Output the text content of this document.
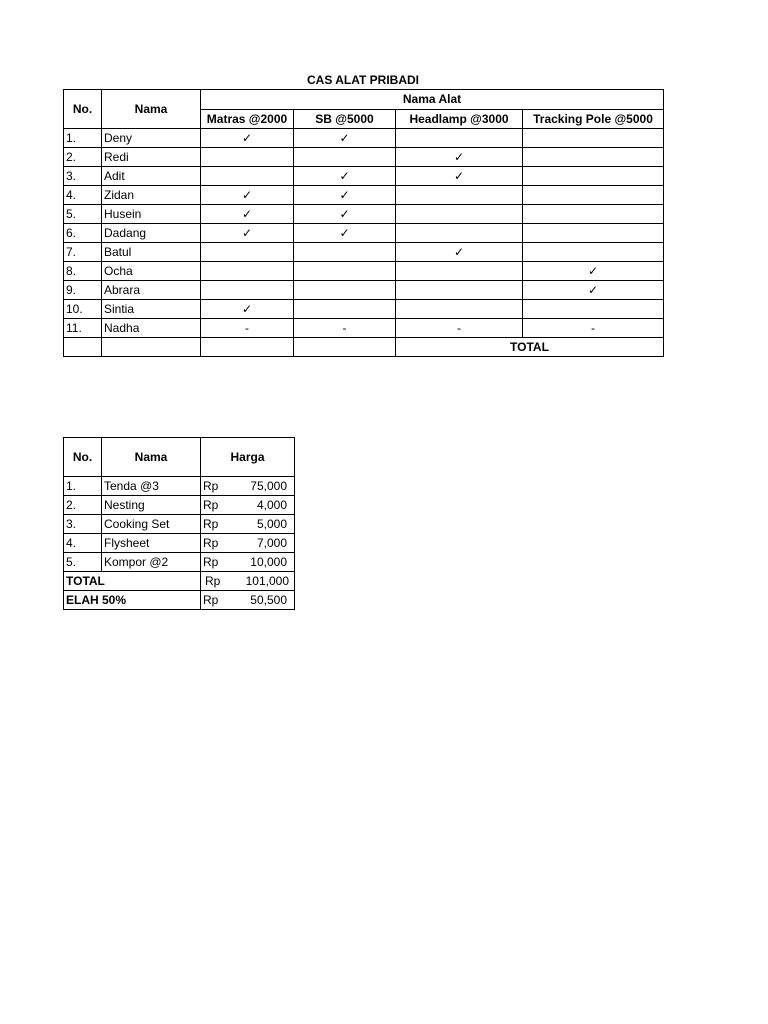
CAS ALAT PRIBADI
No.	Nama	Nama Alat			
		Matras @2000	SB @5000	Headlamp @3000	Tracking Pole @5000
1.	Deny	✓	✓		
2.	Redi			✓	
3.	Adit		✓	✓	
4.	Zidan	✓	✓		
5.	Husein	✓	✓		
6.	Dadang	✓	✓		
7.	Batul			✓	
8.	Ocha				✓
9.	Abrara				✓
10.	Sintia	✓			
11.	Nadha	-	-	-	-
				TOTAL	
No.	Nama	Harga
1.	Tenda @3	Rp 75,000
2.	Nesting	Rp 4,000
3.	Cooking Set	Rp 5,000
4.	Flysheet	Rp 7,000
5.	Kompor @2	Rp 10,000
TOTAL		Rp 101,000
ELAH 50%		Rp 50,500
